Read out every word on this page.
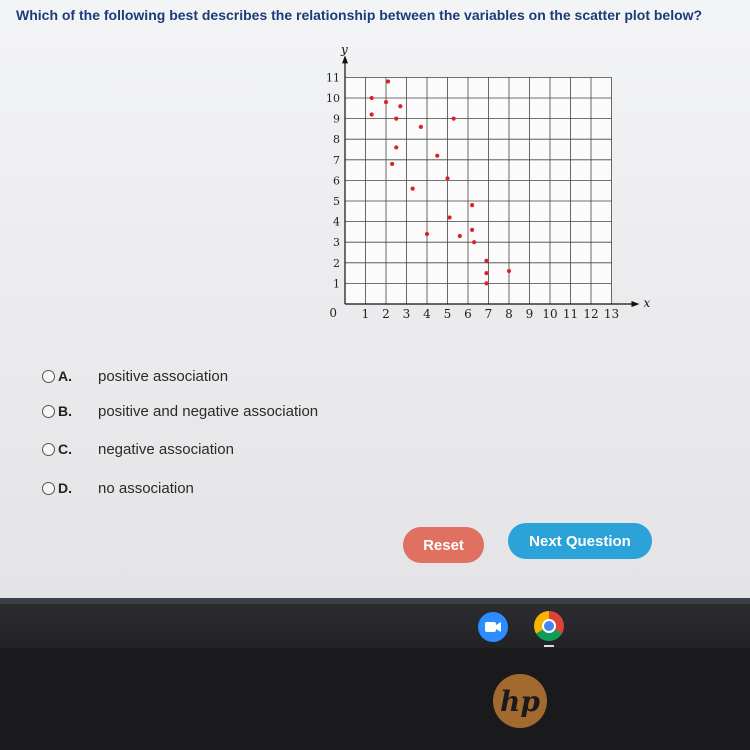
Which of the following best describes the relationship between the variables on the scatter plot below?
x
y
1 2 3 4 5 6 7 8 9 10 11 12 13
1
2
3
4
5
6
7
8
9
10
11
0
A.	positive association
B.	positive and negative association
C.	negative association
D.	no association
Reset	Next Question
hp
